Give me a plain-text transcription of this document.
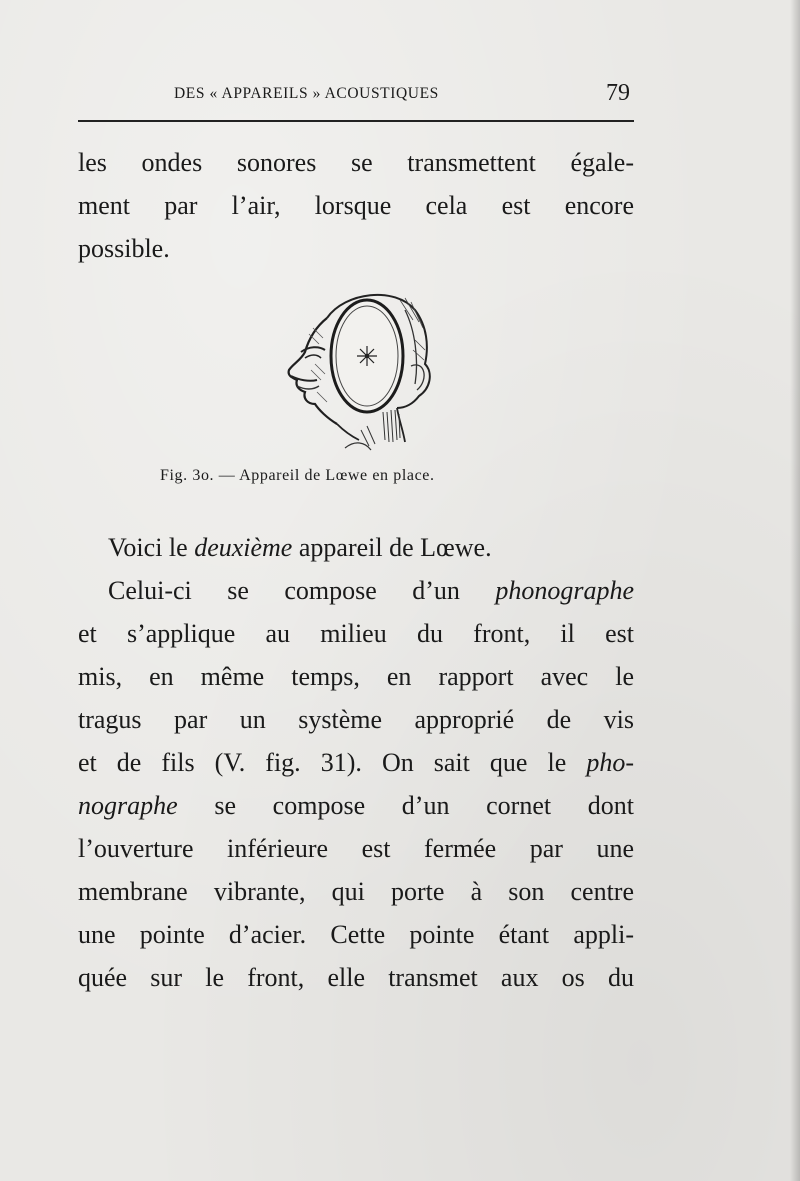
DES « APPAREILS » ACOUSTIQUES	79
les ondes sonores se transmettent égale-
ment par l’air, lorsque cela est encore
possible.
Fig. 3o. — Appareil de Lœwe en place.
Voici le deuxième appareil de Lœwe.
Celui-ci se compose d’un phonographe
et s’applique au milieu du front, il est
mis, en même temps, en rapport avec le
tragus par un système approprié de vis
et de fils (V. fig. 31). On sait que le pho-
nographe se compose d’un cornet dont
l’ouverture inférieure est fermée par une
membrane vibrante, qui porte à son centre
une pointe d’acier. Cette pointe étant appli-
quée sur le front, elle transmet aux os du
